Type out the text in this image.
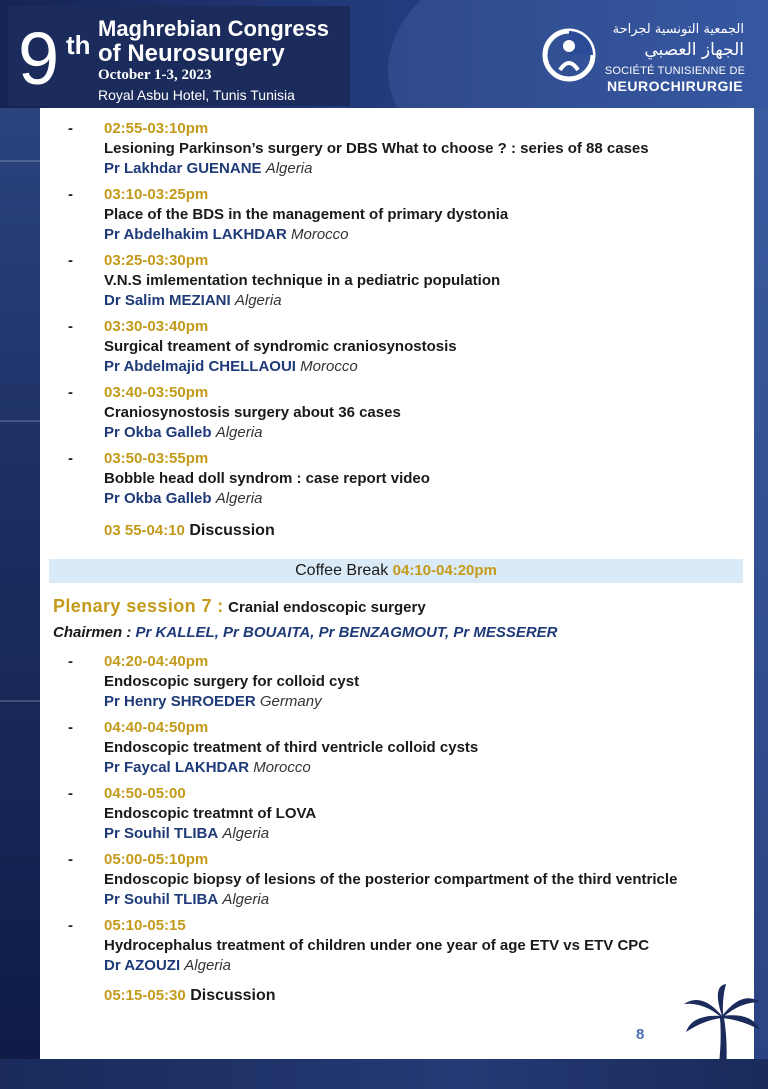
9 th
Maghrebian Congress
of Neurosurgery
October 1-3, 2023
Royal Asbu Hotel, Tunis Tunisia
الجمعية التونسية لجراحة
الجهاز العصبي
SOCIÉTÉ TUNISIENNE DE
NEUROCHIRURGIE
- 02:55-03:10pm
Lesioning Parkinson’s surgery or DBS What to choose ? : series of 88 cases
Pr Lakhdar GUENANE Algeria
- 03:10-03:25pm
Place of the BDS in the management of primary dystonia
Pr Abdelhakim LAKHDAR Morocco
- 03:25-03:30pm
V.N.S imlementation technique in a pediatric population
Dr Salim MEZIANI Algeria
- 03:30-03:40pm
Surgical treament of syndromic craniosynostosis
Pr Abdelmajid CHELLAOUI Morocco
- 03:40-03:50pm
Craniosynostosis surgery about 36 cases
Pr Okba Galleb Algeria
- 03:50-03:55pm
Bobble head doll syndrom : case report video
Pr Okba Galleb Algeria
03 55-04:10 Discussion
Coffee Break 04:10-04:20pm
Plenary session 7 : Cranial endoscopic surgery
Chairmen : Pr KALLEL, Pr BOUAITA, Pr BENZAGMOUT, Pr MESSERER
- 04:20-04:40pm
Endoscopic surgery for colloid cyst
Pr Henry SHROEDER Germany
- 04:40-04:50pm
Endoscopic treatment of third ventricle colloid cysts
Pr Faycal LAKHDAR Morocco
- 04:50-05:00
Endoscopic treatmnt of LOVA
Pr Souhil TLIBA Algeria
- 05:00-05:10pm
Endoscopic biopsy of lesions of the posterior compartment of the third ventricle
Pr Souhil TLIBA Algeria
- 05:10-05:15
Hydrocephalus treatment of children under one year of age ETV vs ETV CPC
Dr AZOUZI Algeria
05:15-05:30 Discussion
8
